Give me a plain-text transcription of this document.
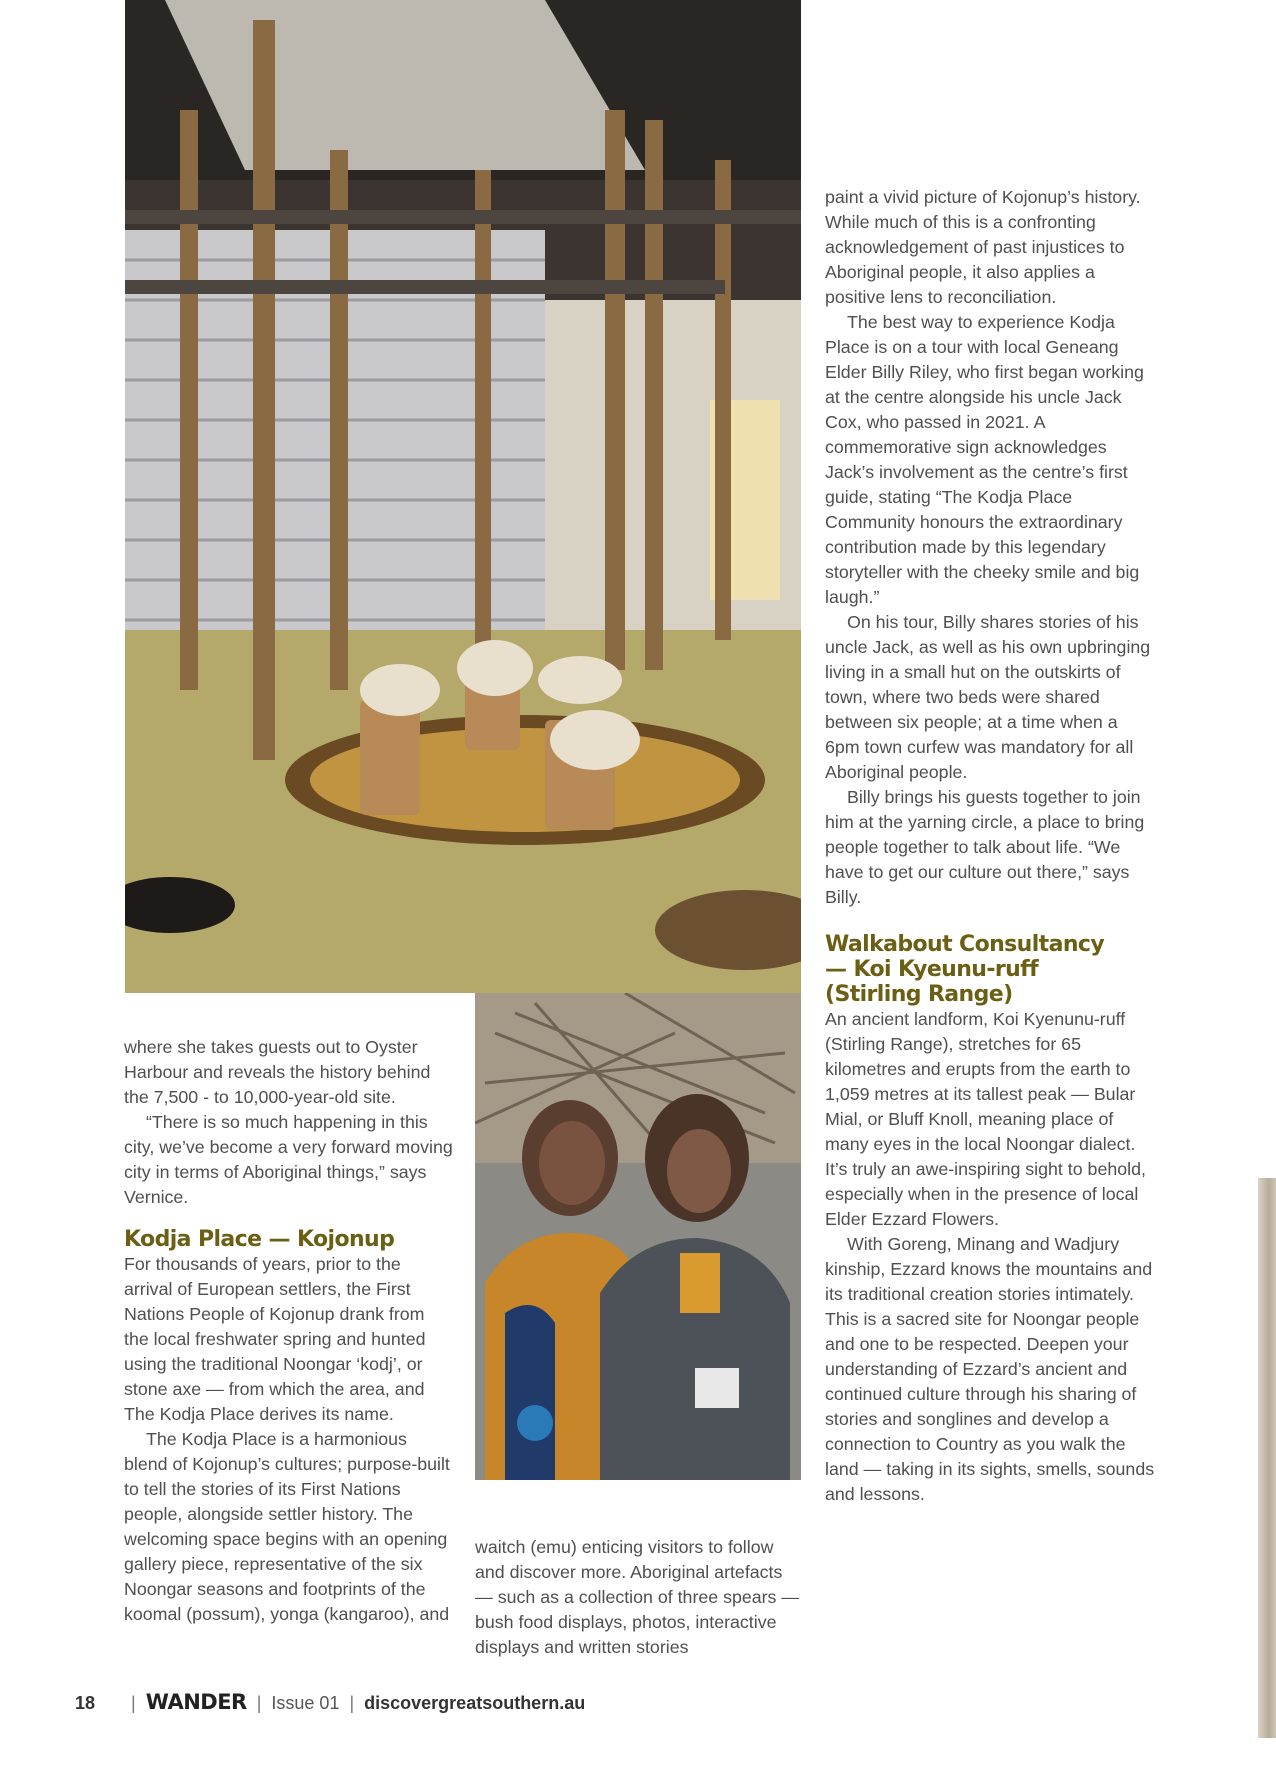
where she takes guests out to Oyster Harbour and reveals the history behind the 7,500 - to 10,000-year-old site.

“There is so much happening in this city, we’ve become a very forward moving city in terms of Aboriginal things,” says Vernice.

Kodja Place — Kojonup

For thousands of years, prior to the arrival of European settlers, the First Nations People of Kojonup drank from the local freshwater spring and hunted using the traditional Noongar ‘kodj’, or stone axe — from which the area, and The Kodja Place derives its name.

The Kodja Place is a harmonious blend of Kojonup’s cultures; purpose-built to tell the stories of its First Nations people, alongside settler history. The welcoming space begins with an opening gallery piece, representative of the six Noongar seasons and footprints of the koomal (possum), yonga (kangaroo), and

waitch (emu) enticing visitors to follow and discover more. Aboriginal artefacts — such as a collection of three spears — bush food displays, photos, interactive displays and written stories

paint a vivid picture of Kojonup’s history. While much of this is a confronting acknowledgement of past injustices to Aboriginal people, it also applies a positive lens to reconciliation.

The best way to experience Kodja Place is on a tour with local Geneang Elder Billy Riley, who first began working at the centre alongside his uncle Jack Cox, who passed in 2021. A commemorative sign acknowledges Jack’s involvement as the centre’s first guide, stating “The Kodja Place Community honours the extraordinary contribution made by this legendary storyteller with the cheeky smile and big laugh.”

On his tour, Billy shares stories of his uncle Jack, as well as his own upbringing living in a small hut on the outskirts of town, where two beds were shared between six people; at a time when a 6pm town curfew was mandatory for all Aboriginal people.

Billy brings his guests together to join him at the yarning circle, a place to bring people together to talk about life. “We have to get our culture out there,” says Billy.

Walkabout Consultancy — Koi Kyeunu-ruff (Stirling Range)

An ancient landform, Koi Kyenunu-ruff (Stirling Range), stretches for 65 kilometres and erupts from the earth to 1,059 metres at its tallest peak — Bular Mial, or Bluff Knoll, meaning place of many eyes in the local Noongar dialect. It’s truly an awe-inspiring sight to behold, especially when in the presence of local Elder Ezzard Flowers.

With Goreng, Minang and Wadjury kinship, Ezzard knows the mountains and its traditional creation stories intimately. This is a sacred site for Noongar people and one to be respected. Deepen your understanding of Ezzard’s ancient and continued culture through his sharing of stories and songlines and develop a connection to Country as you walk the land — taking in its sights, smells, sounds and lessons.

18 | WANDER | Issue 01 | discovergreatsouthern.au
